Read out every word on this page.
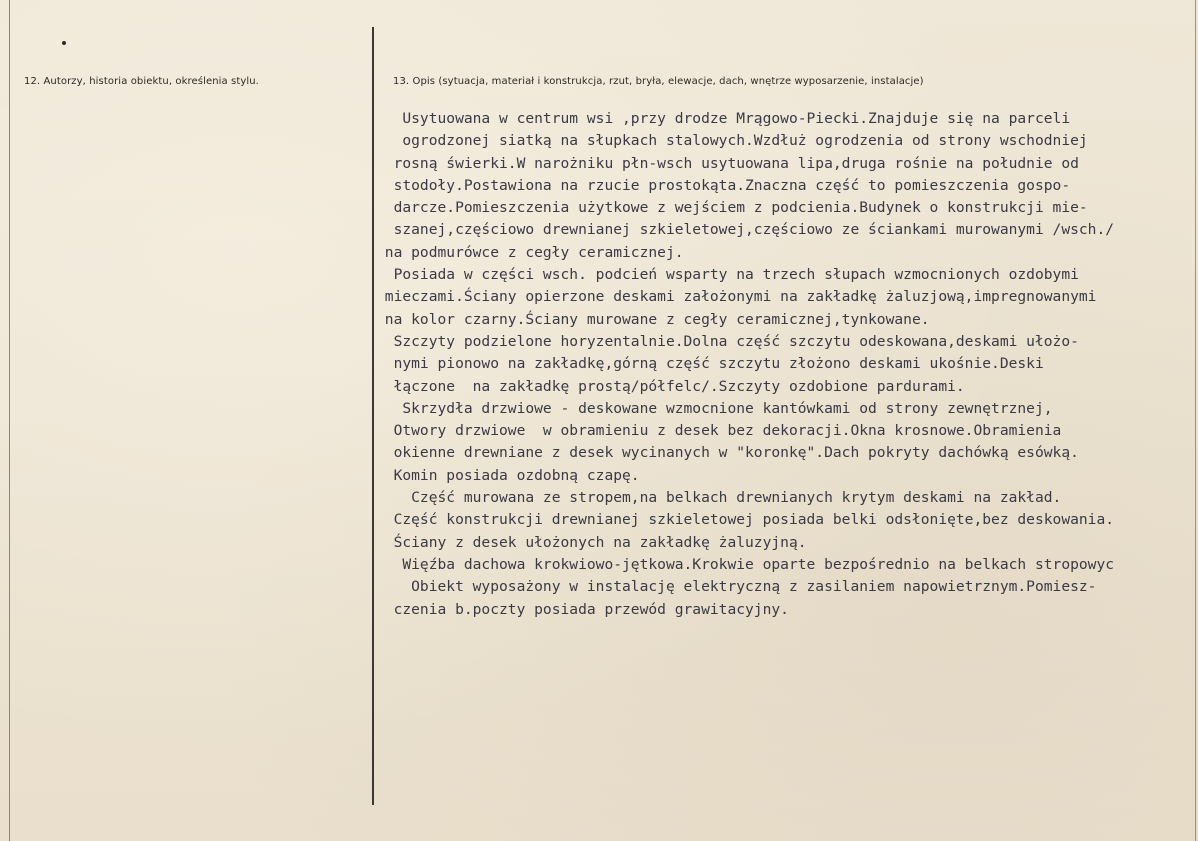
12. Autorzy, historia obiektu, określenia stylu.	13. Opis (sytuacja, materiał i konstrukcja, rzut, bryła, elewacje, dach, wnętrze wyposarzenie, instalacje)
Usytuowana w centrum wsi ,przy drodze Mrągowo-Piecki.Znajduje się na parceli
ogrodzonej siatką na słupkach stalowych.Wzdłuż ogrodzenia od strony wschodniej
rosną świerki.W narożniku płn-wsch usytuowana lipa,druga rośnie na południe od
stodoły.Postawiona na rzucie prostokąta.Znaczna część to pomieszczenia gospo-
darcze.Pomieszczenia użytkowe z wejściem z podcienia.Budynek o konstrukcji mie-
szanej,częściowo drewnianej szkieletowej,częściowo ze ściankami murowanymi /wsch./
na podmurówce z cegły ceramicznej.
Posiada w części wsch. podcień wsparty na trzech słupach wzmocnionych ozdobymi
mieczami.Ściany opierzone deskami założonymi na zakładkę żaluzjową,impregnowanymi
na kolor czarny.Ściany murowane z cegły ceramicznej,tynkowane.
Szczyty podzielone horyzentalnie.Dolna część szczytu odeskowana,deskami ułożo-
nymi pionowo na zakładkę,górną część szczytu złożono deskami ukośnie.Deski
łączone  na zakładkę prostą/półfelc/.Szczyty ozdobione pardurami.
Skrzydła drzwiowe - deskowane wzmocnione kantówkami od strony zewnętrznej,
Otwory drzwiowe  w obramieniu z desek bez dekoracji.Okna krosnowe.Obramienia
okienne drewniane z desek wycinanych w "koronkę".Dach pokryty dachówką esówką.
Komin posiada ozdobną czapę.
Część murowana ze stropem,na belkach drewnianych krytym deskami na zakład.
Część konstrukcji drewnianej szkieletowej posiada belki odsłonięte,bez deskowania.
Ściany z desek ułożonych na zakładkę żaluzyjną.
Więźba dachowa krokwiowo-jętkowa.Krokwie oparte bezpośrednio na belkach stropowyc
Obiekt wyposażony w instalację elektryczną z zasilaniem napowietrznym.Pomiesz-
czenia b.poczty posiada przewód grawitacyjny.
